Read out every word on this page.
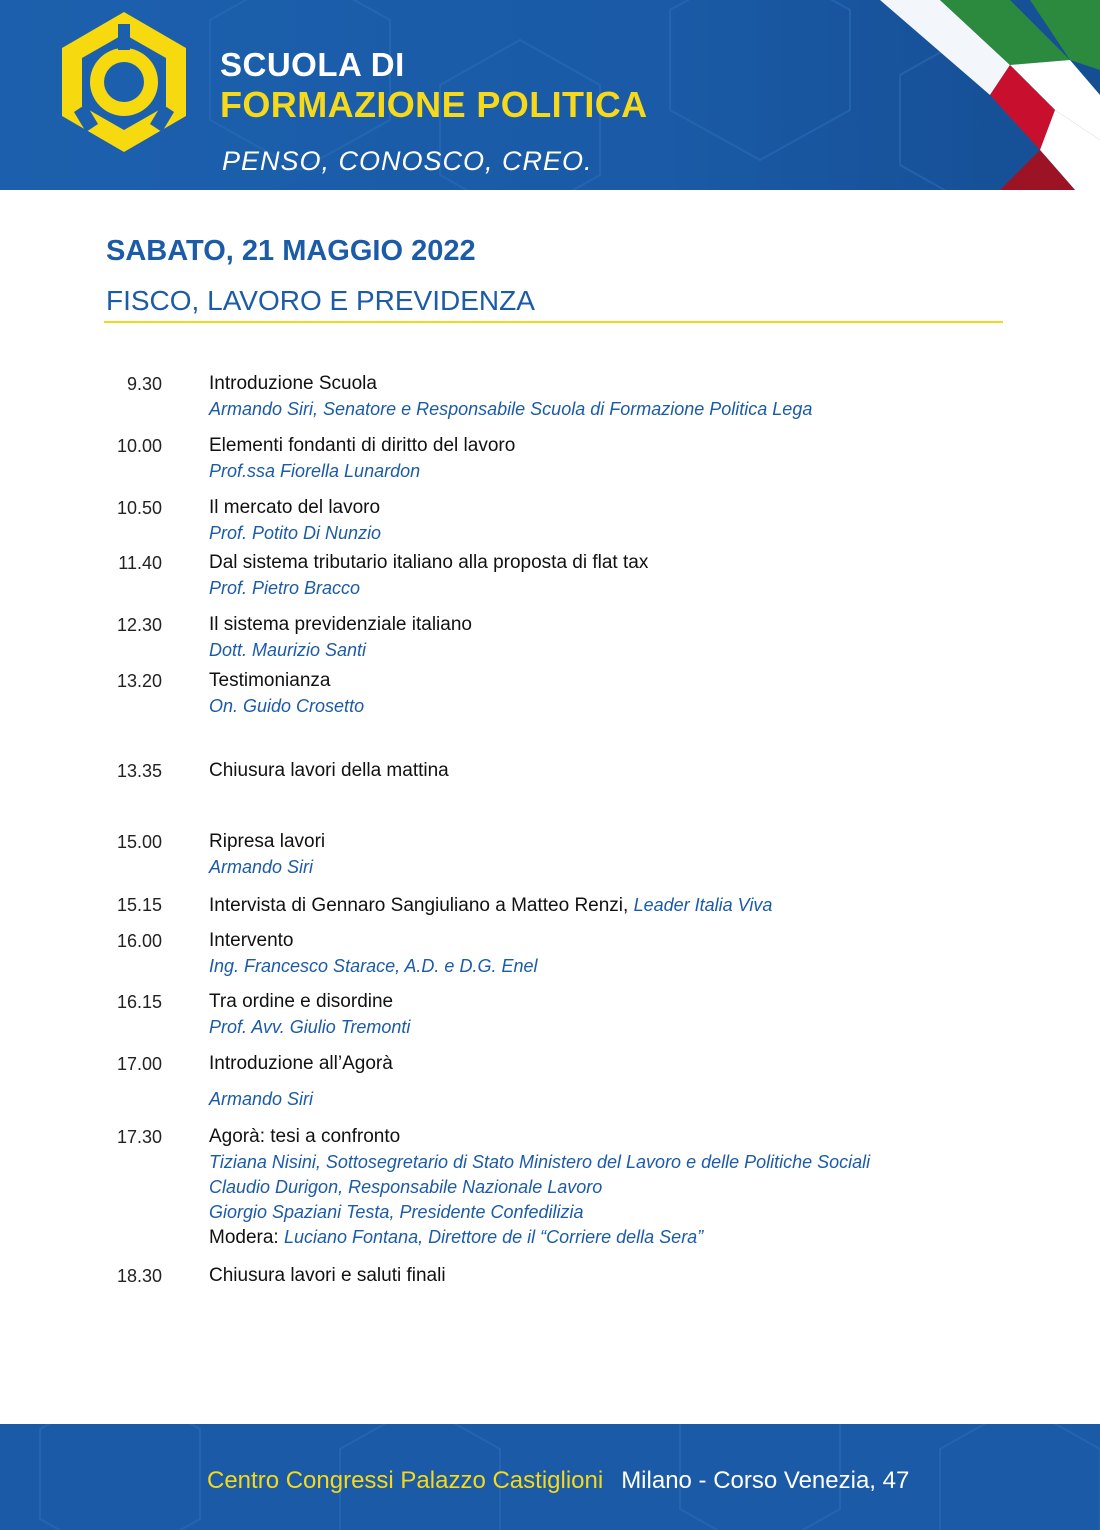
SCUOLA DI
FORMAZIONE POLITICA

PENSO, CONOSCO, CREO.

SABATO, 21 MAGGIO 2022
FISCO, LAVORO E PREVIDENZA
9.30 Introduzione Scuola

Armando Siri, Senatore e Responsabile Scuola di Formazione Politica Lega

10.00 Elementi fondanti di diritto del lavoro

Prof.ssa Fiorella Lunardon

10.50 Il mercato del lavoro

Prof. Potito Di Nunzio

11.40 Dal sistema tributario italiano alla proposta di flat tax

Prof. Pietro Bracco

12.30 Il sistema previdenziale italiano

Dott. Maurizio Santi

13.20 Testimonianza

On. Guido Crosetto

13.35 Chiusura lavori della mattina

15.00 Ripresa lavori

Armando Siri

15.15 Intervista di Gennaro Sangiuliano a Matteo Renzi, Leader Italia Viva

16.00 Intervento

Ing. Francesco Starace, A.D. e D.G. Enel

16.15 Tra ordine e disordine

Prof. Avv. Giulio Tremonti

17.00 Introduzione all’Agorà

Armando Siri

17.30 Agorà: tesi a confronto

Tiziana Nisini, Sottosegretario di Stato Ministero del Lavoro e delle Politiche Sociali

Claudio Durigon, Responsabile Nazionale Lavoro

Giorgio Spaziani Testa, Presidente Confedilizia

Modera: Luciano Fontana, Direttore de il “Corriere della Sera”

18.30 Chiusura lavori e saluti finali

Centro Congressi Palazzo Castiglioni Milano - Corso Venezia, 47
